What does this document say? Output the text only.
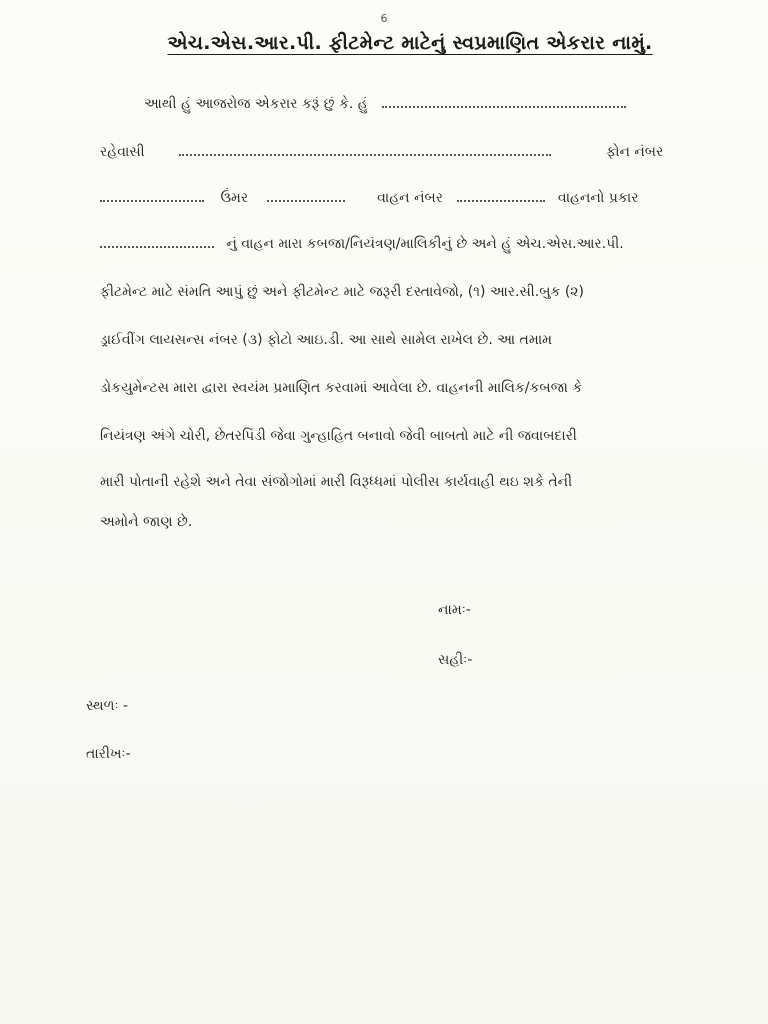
6
એચ.એસ.આર.પી. ફીટમેન્ટ માટેનું સ્વપ્રમાણિત એકરાર નામું.
આથી હું આજરોજ એકરાર કરૂં છું કે. હું
રહેવાસી	ફોન નંબર
ઉંમર	વાહન નંબર	વાહનનો પ્રકાર
નું વાહન મારા કબજા/નિયંત્રણ/માલિકીનું છે અને હું એચ.એસ.આર.પી.
ફીટમેન્ટ માટે સંમતિ આપું છું અને ફીટમેન્ટ માટે જરૂરી દસ્તાવેજો, (૧) આર.સી.બુક (૨)
ડ્રાઈવીંગ લાયસન્સ નંબર (૩) ફોટો આઇ.ડી. આ સાથે સામેલ રાખેલ છે. આ તમામ
ડોકયુમેન્ટસ મારા દ્વારા સ્વયંમ પ્રમાણિત કરવામાં આવેલા છે. વાહનની માલિક/કબજા કે
નિયંત્રણ અંગે ચોરી, છેતરપિંડી જેવા ગુન્હાહિત બનાવો જેવી બાબતો માટે ની જવાબદારી
મારી પોતાની રહેશે અને તેવા સંજોગોમાં મારી વિરૂધ્ધમાં પોલીસ કાર્યવાહી થઇ શકે તેની
અમોને જાણ છે.
નામઃ-
સહીઃ-
સ્થળઃ -
તારીખઃ-
